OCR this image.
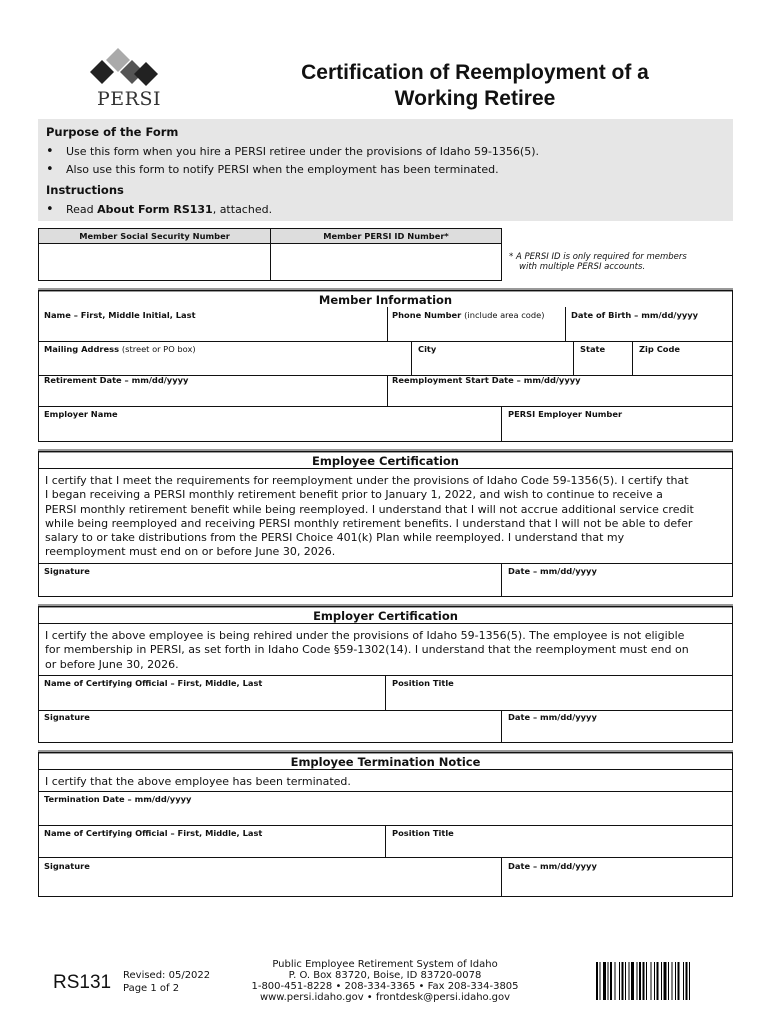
PERSI
Certification of Reemployment of a
Working Retiree
Purpose of the Form
• Use this form when you hire a PERSI retiree under the provisions of Idaho 59-1356(5).
• Also use this form to notify PERSI when the employment has been terminated.
Instructions
• Read About Form RS131, attached.
Member Social Security Number	Member PERSI ID Number*
* A PERSI ID is only required for members
with multiple PERSI accounts.
Member Information
Name – First, Middle Initial, Last	Phone Number (include area code)	Date of Birth – mm/dd/yyyy
Mailing Address (street or PO box)	City	State	Zip Code
Retirement Date – mm/dd/yyyy	Reemployment Start Date – mm/dd/yyyy
Employer Name	PERSI Employer Number
Employee Certification
I certify that I meet the requirements for reemployment under the provisions of Idaho Code 59-1356(5). I certify that
I began receiving a PERSI monthly retirement benefit prior to January 1, 2022, and wish to continue to receive a
PERSI monthly retirement benefit while being reemployed. I understand that I will not accrue additional service credit
while being reemployed and receiving PERSI monthly retirement benefits. I understand that I will not be able to defer
salary to or take distributions from the PERSI Choice 401(k) Plan while reemployed. I understand that my
reemployment must end on or before June 30, 2026.
Signature	Date – mm/dd/yyyy
Employer Certification
I certify the above employee is being rehired under the provisions of Idaho 59-1356(5). The employee is not eligible
for membership in PERSI, as set forth in Idaho Code §59-1302(14). I understand that the reemployment must end on
or before June 30, 2026.
Name of Certifying Official – First, Middle, Last	Position Title
Signature	Date – mm/dd/yyyy
Employee Termination Notice
I certify that the above employee has been terminated.
Termination Date – mm/dd/yyyy
Name of Certifying Official – First, Middle, Last	Position Title
Signature	Date – mm/dd/yyyy
RS131 Revised: 05/2022
Page 1 of 2
Public Employee Retirement System of Idaho
P. O. Box 83720, Boise, ID 83720-0078
1-800-451-8228 • 208-334-3365 • Fax 208-334-3805
www.persi.idaho.gov • frontdesk@persi.idaho.gov
